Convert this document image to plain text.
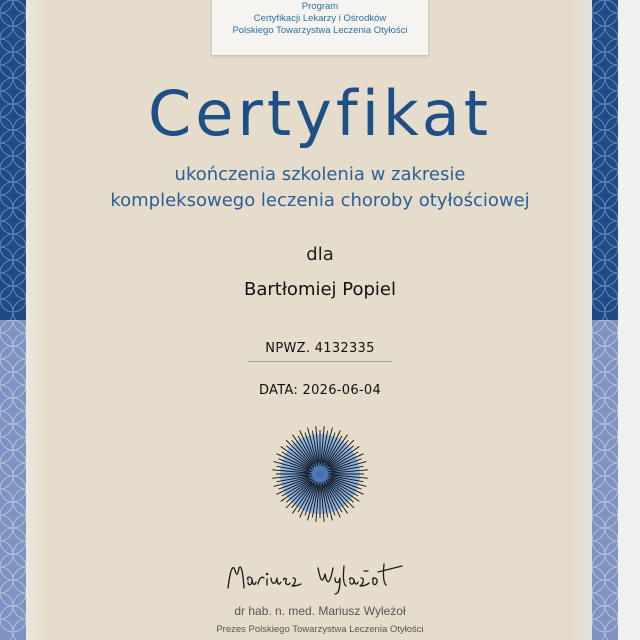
Program
Certyfikacji Lekarzy i Ośrodków
Polskiego Towarzystwa Leczenia Otyłości
Certyfikat
ukończenia szkolenia w zakresie
kompleksowego leczenia choroby otyłościowej
dla
Bartłomiej Popiel
NPWZ. 4132335
DATA: 2026-06-04
dr hab. n. med. Mariusz Wyleżoł
Prezes Polskiego Towarzystwa Leczenia Otyłości
